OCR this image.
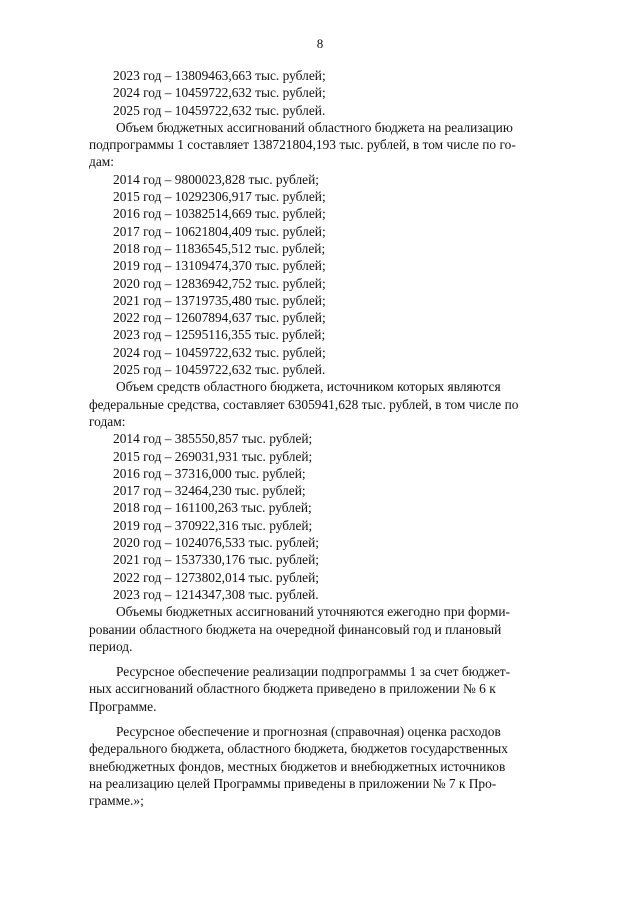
8
2023 год – 13809463,663 тыс. рублей;
2024 год – 10459722,632 тыс. рублей;
2025 год – 10459722,632 тыс. рублей.
Объем бюджетных ассигнований областного бюджета на реализацию
подпрограммы 1 составляет 138721804,193 тыс. рублей, в том числе по го-
дам:
2014 год – 9800023,828 тыс. рублей;
2015 год – 10292306,917 тыс. рублей;
2016 год – 10382514,669 тыс. рублей;
2017 год – 10621804,409 тыс. рублей;
2018 год – 11836545,512 тыс. рублей;
2019 год – 13109474,370 тыс. рублей;
2020 год – 12836942,752 тыс. рублей;
2021 год – 13719735,480 тыс. рублей;
2022 год – 12607894,637 тыс. рублей;
2023 год – 12595116,355 тыс. рублей;
2024 год – 10459722,632 тыс. рублей;
2025 год – 10459722,632 тыс. рублей.
Объем средств областного бюджета, источником которых являются
федеральные средства, составляет 6305941,628 тыс. рублей, в том числе по
годам:
2014 год – 385550,857 тыс. рублей;
2015 год – 269031,931 тыс. рублей;
2016 год – 37316,000 тыс. рублей;
2017 год – 32464,230 тыс. рублей;
2018 год – 161100,263 тыс. рублей;
2019 год – 370922,316 тыс. рублей;
2020 год – 1024076,533 тыс. рублей;
2021 год – 1537330,176 тыс. рублей;
2022 год – 1273802,014 тыс. рублей;
2023 год – 1214347,308 тыс. рублей.
Объемы бюджетных ассигнований уточняются ежегодно при форми-
ровании областного бюджета на очередной финансовый год и плановый
период.
Ресурсное обеспечение реализации подпрограммы 1 за счет бюджет-
ных ассигнований областного бюджета приведено в приложении № 6 к
Программе.
Ресурсное обеспечение и прогнозная (справочная) оценка расходов
федерального бюджета, областного бюджета, бюджетов государственных
внебюджетных фондов, местных бюджетов и внебюджетных источников
на реализацию целей Программы приведены в приложении № 7 к Про-
грамме.»;
